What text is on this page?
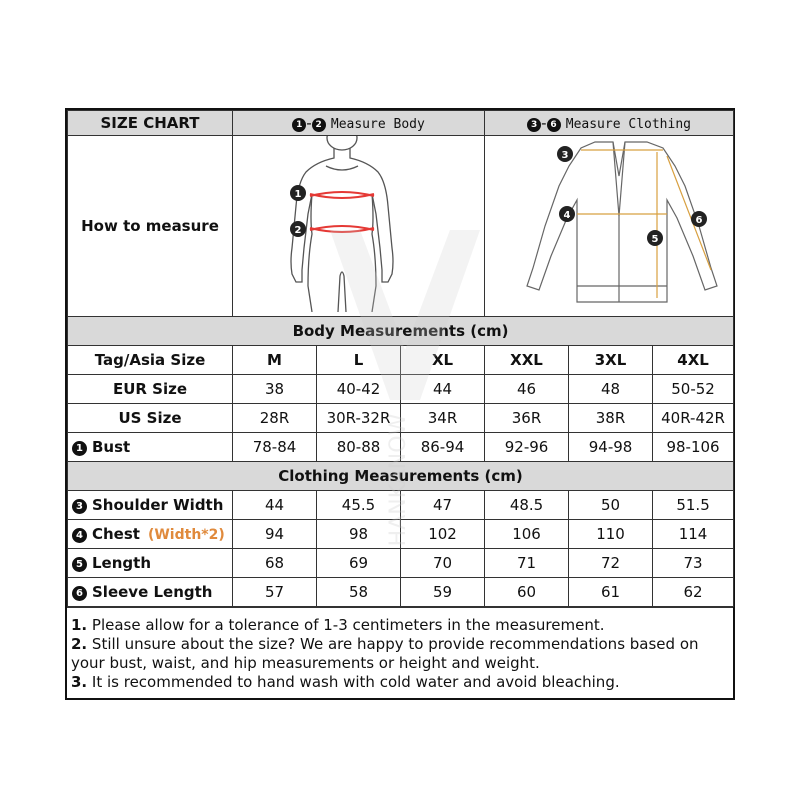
SIZE CHART	1 - 2 Measure Body			3 - 6 Measure Clothing		
How to measure	1
2			3
4
5
6		

Body Measurements (cm)						
Tag/Asia Size	M	L	XL	XXL	3XL	4XL
EUR Size	38	40-42	44	46	48	50-52
US Size	28R	30R-32R	34R	36R	38R	40R-42R
1 Bust	78-84	80-88	86-94	92-96	94-98	98-106
Clothing Measurements (cm)						
3 Shoulder Width	44	45.5	47	48.5	50	51.5
4 Chest (Width*2)	94	98	102	106	110	114
5 Length	68	69	70	71	72	73
6 Sleeve Length	57	58	59	60	61	62
1. Please allow for a tolerance of 1-3 centimeters in the measurement.
2. Still unsure about the size? We are happy to provide recommendations based on your bust, waist, and hip measurements or height and weight.
3. It is recommended to hand wash with cold water and avoid bleaching.
HANKANOW
